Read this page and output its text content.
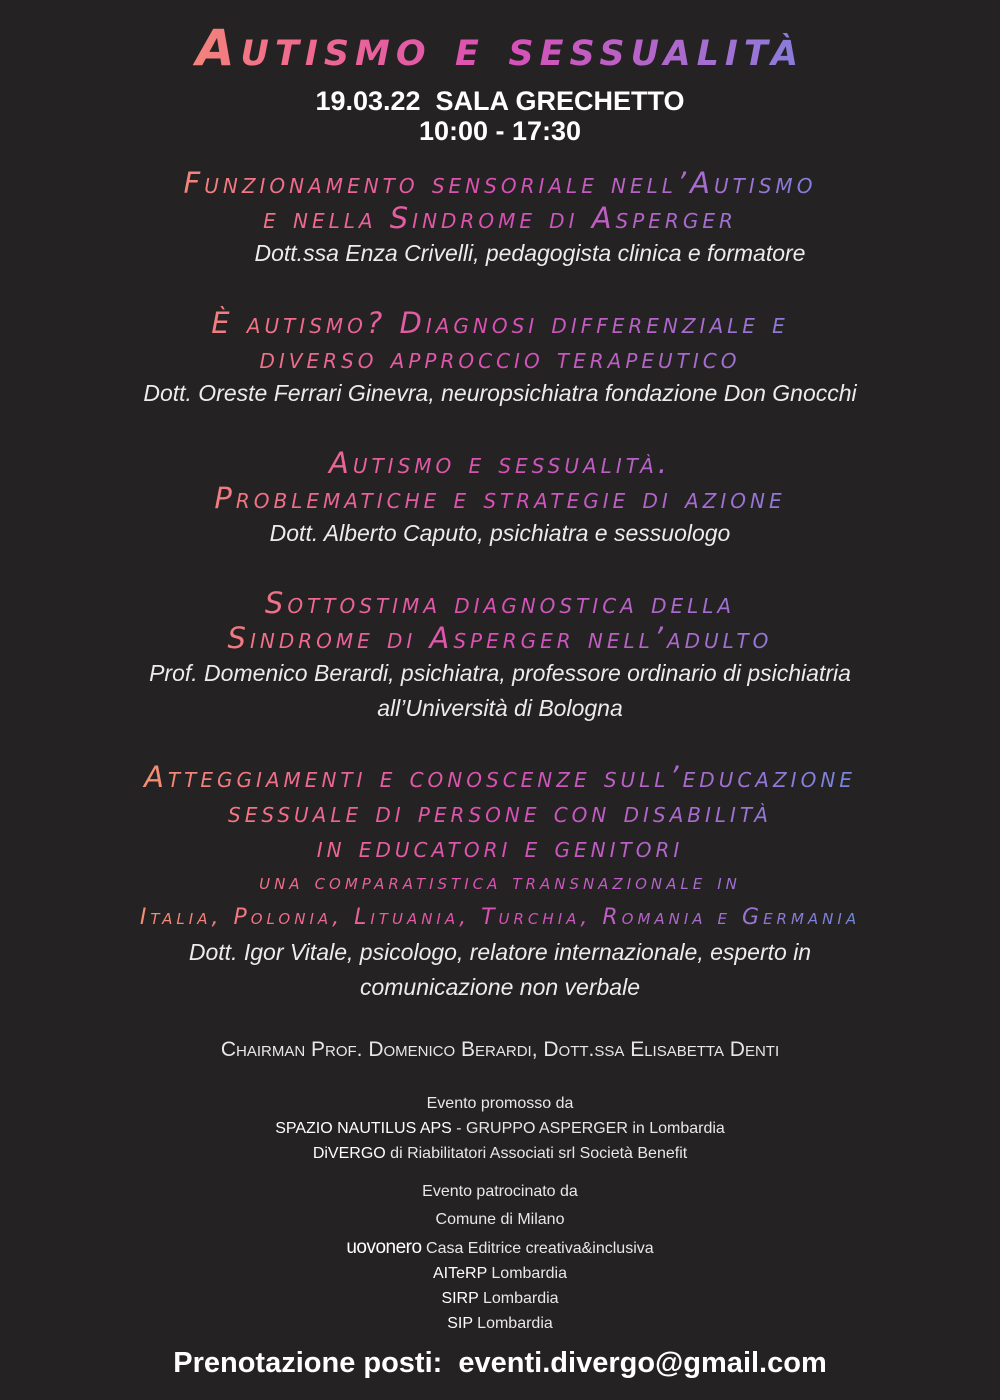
Autismo e sessualità
19.03.22  SALA GRECHETTO
10:00 - 17:30
Funzionamento sensoriale nell’Autismo
e nella Sindrome di Asperger
Dott.ssa Enza Crivelli, pedagogista clinica e formatore
È autismo? Diagnosi differenziale e
diverso approccio terapeutico
Dott. Oreste Ferrari Ginevra, neuropsichiatra fondazione Don Gnocchi
Autismo e sessualità.
Problematiche e strategie di azione
Dott. Alberto Caputo, psichiatra e sessuologo
Sottostima diagnostica della
Sindrome di Asperger nell’adulto
Prof. Domenico Berardi, psichiatra, professore ordinario di psichiatria
all’Università di Bologna
Atteggiamenti e conoscenze sull’educazione
sessuale di persone con disabilità
in educatori e genitori
una comparatistica transnazionale in
Italia, Polonia, Lituania, Turchia, Romania e Germania
Dott. Igor Vitale, psicologo, relatore internazionale, esperto in
comunicazione non verbale
Chairman Prof. Domenico Berardi, Dott.ssa Elisabetta Denti
Evento promosso da
SPAZIO NAUTILUS APS - GRUPPO ASPERGER in Lombardia
DiVERGO di Riabilitatori Associati srl Società Benefit
Evento patrocinato da
Comune di Milano
uovonero Casa Editrice creativa&inclusiva
AITeRP Lombardia
SIRP Lombardia
SIP Lombardia
Prenotazione posti:  eventi.divergo@gmail.com
